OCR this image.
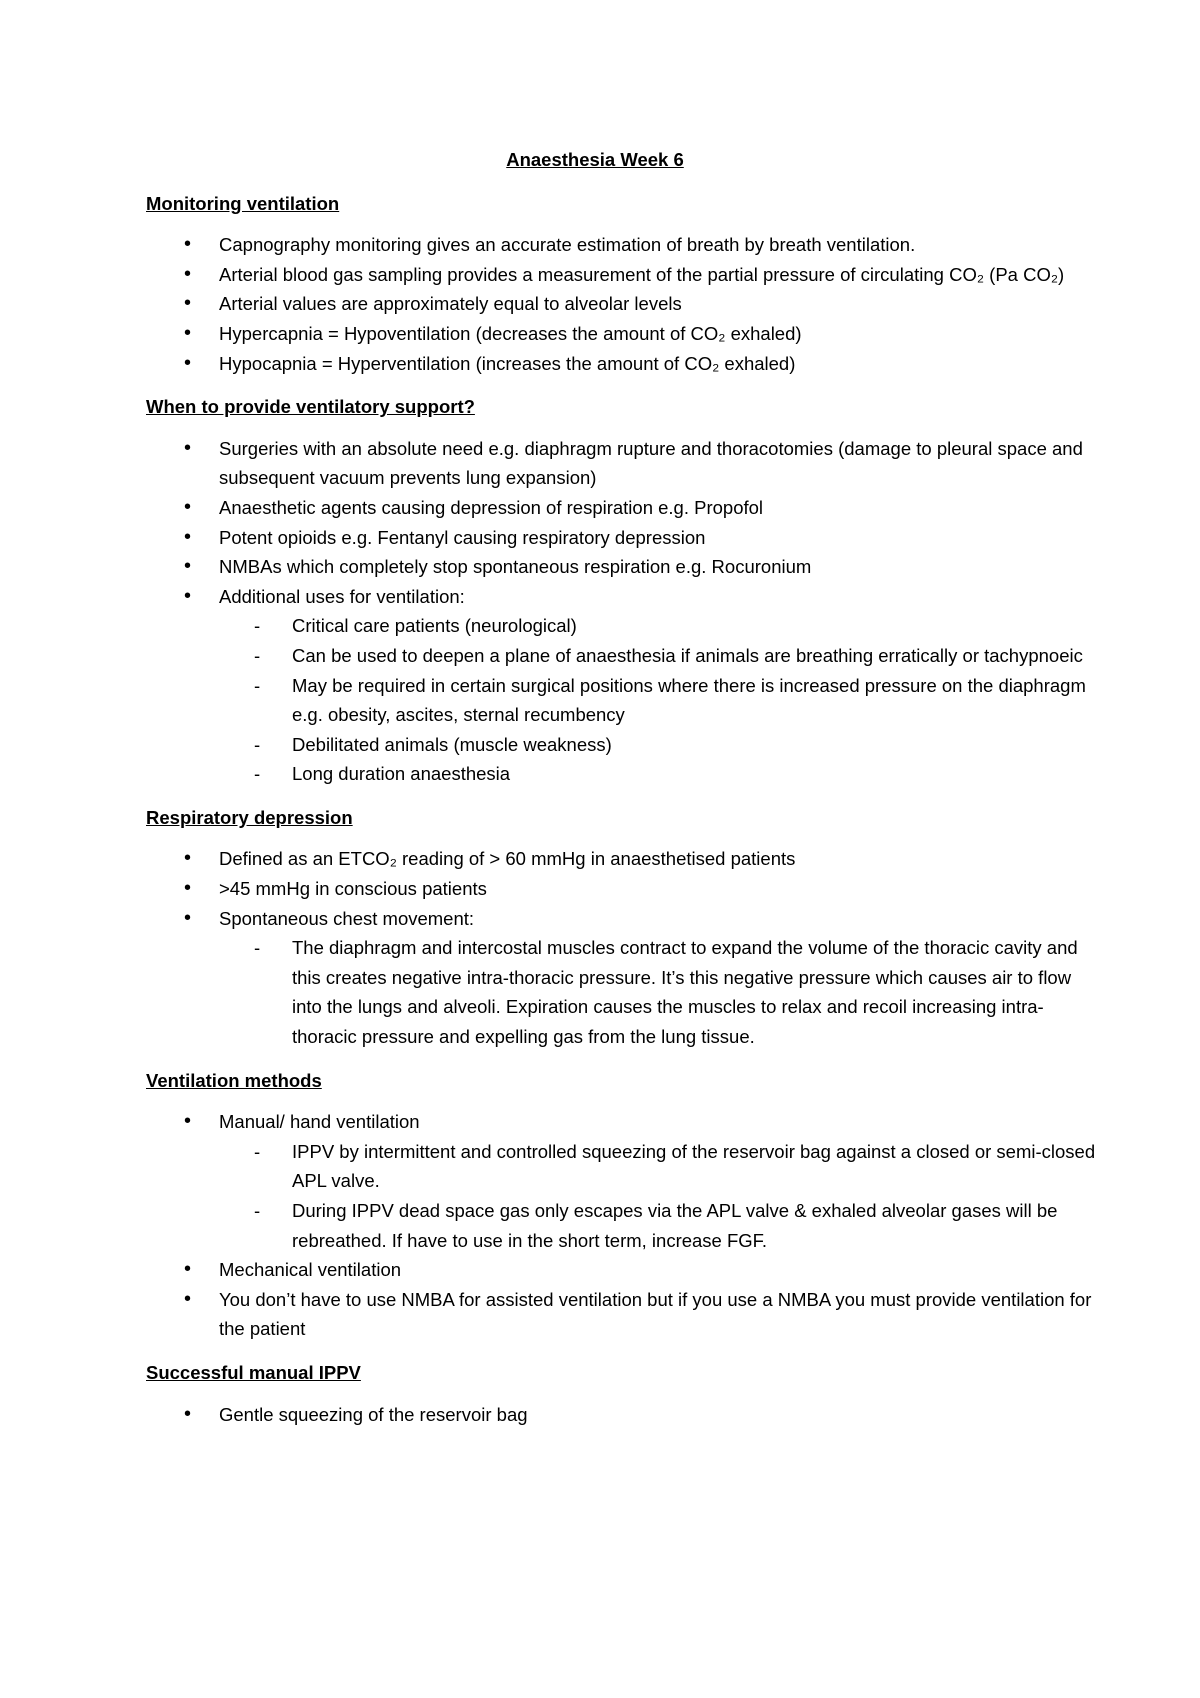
Anaesthesia Week 6
Monitoring ventilation
• Capnography monitoring gives an accurate estimation of breath by breath ventilation.
• Arterial blood gas sampling provides a measurement of the partial pressure of circulating CO₂ (Pa CO₂)
• Arterial values are approximately equal to alveolar levels
• Hypercapnia = Hypoventilation (decreases the amount of CO₂ exhaled)
• Hypocapnia = Hyperventilation (increases the amount of CO₂ exhaled)
When to provide ventilatory support?
• Surgeries with an absolute need e.g. diaphragm rupture and thoracotomies (damage to pleural space and subsequent vacuum prevents lung expansion)
• Anaesthetic agents causing depression of respiration e.g. Propofol
• Potent opioids e.g. Fentanyl causing respiratory depression
• NMBAs which completely stop spontaneous respiration e.g. Rocuronium
• Additional uses for ventilation:
- Critical care patients (neurological)
- Can be used to deepen a plane of anaesthesia if animals are breathing erratically or tachypnoeic
- May be required in certain surgical positions where there is increased pressure on the diaphragm e.g. obesity, ascites, sternal recumbency
- Debilitated animals (muscle weakness)
- Long duration anaesthesia
Respiratory depression
• Defined as an ETCO₂ reading of > 60 mmHg in anaesthetised patients
• >45 mmHg in conscious patients
• Spontaneous chest movement:
- The diaphragm and intercostal muscles contract to expand the volume of the thoracic cavity and this creates negative intra-thoracic pressure. It’s this negative pressure which causes air to flow into the lungs and alveoli. Expiration causes the muscles to relax and recoil increasing intra-thoracic pressure and expelling gas from the lung tissue.
Ventilation methods
• Manual/ hand ventilation
- IPPV by intermittent and controlled squeezing of the reservoir bag against a closed or semi-closed APL valve.
- During IPPV dead space gas only escapes via the APL valve & exhaled alveolar gases will be rebreathed. If have to use in the short term, increase FGF.
• Mechanical ventilation
• You don’t have to use NMBA for assisted ventilation but if you use a NMBA you must provide ventilation for the patient
Successful manual IPPV
• Gentle squeezing of the reservoir bag
